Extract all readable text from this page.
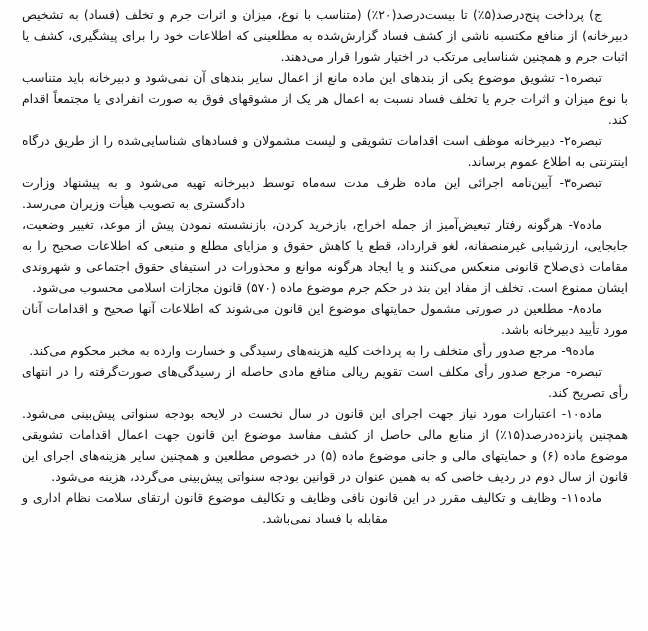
ج) پرداخت پنج‌درصد(۵٪) تا بیست‌درصد(۲۰٪) (متناسب با نوع، میزان و اثرات جرم و تخلف (فساد) به تشخیص دبیرخانه) از منافع مکتسبه ناشی از کشف فساد گزارش‌شده به مطلعینی که اطلاعات خود را برای پیشگیری، کشف یا اثبات جرم و همچنین شناسایی مرتکب در اختیار شورا قرار می‌دهند.

تبصره۱- تشویق موضوع یکی از بندهای این ماده مانع از اعمال سایر بندهای آن نمی‌شود و دبیرخانه باید متناسب با نوع میزان و اثرات جرم یا تخلف فساد نسبت به اعمال هر یک از مشوقهای فوق به صورت انفرادی یا مجتمعاً اقدام کند.

تبصره۲- دبیرخانه موظف است اقدامات تشویقی و لیست مشمولان و فسادهای شناسایی‌شده را از طریق درگاه اینترنتی به اطلاع عموم برساند.

تبصره۳- آیین‌نامه اجرائی این ماده ظرف مدت سه‌ماه توسط دبیرخانه تهیه می‌شود و به پیشنهاد وزارت دادگستری به تصویب هیأت وزیران می‌رسد.

ماده۷- هرگونه رفتار تبعیض‌آمیز از جمله اخراج، بازخرید کردن، بازنشسته نمودن پیش از موعد، تغییر وضعیت، جابجایی، ارزشیابی غیرمنصفانه، لغو قرارداد، قطع یا کاهش حقوق و مزایای مطلع و منبعی که اطلاعات صحیح را به مقامات ذی‌صلاح قانونی منعکس می‌کنند و یا ایجاد هرگونه موانع و محذورات در استیفای حقوق اجتماعی و شهروندی ایشان ممنوع است. تخلف از مفاد این بند در حکم جرم موضوع ماده (۵۷۰) قانون مجازات اسلامی محسوب می‌شود.

ماده۸- مطلعین در صورتی مشمول حمایتهای موضوع این قانون می‌شوند که اطلاعات آنها صحیح و اقدامات آنان مورد تأیید دبیرخانه باشد.

ماده۹- مرجع صدور رأی متخلف را به پرداخت کلیه هزینه‌های رسیدگی و خسارت وارده به مخبر محکوم می‌کند.

تبصره- مرجع صدور رأی مکلف است تقویم ریالی منافع مادی حاصله از رسیدگی‌های صورت‌گرفته را در انتهای رأی تصریح کند.

ماده۱۰- اعتبارات مورد نیاز جهت اجرای این قانون در سال نخست در لایحه بودجه سنواتی پیش‌بینی می‌شود. همچنین پانزده‌درصد(۱۵٪) از منابع مالی حاصل از کشف مفاسد موضوع این قانون جهت اعمال اقدامات تشویقی موضوع ماده (۶) و حمایتهای مالی و جانی موضوع ماده (۵) در خصوص مطلعین و همچنین سایر هزینه‌های اجرای این قانون از سال دوم در ردیف خاصی که به همین عنوان در قوانین بودجه سنواتی پیش‌بینی می‌گردد، هزینه می‌شود.

ماده۱۱- وظایف و تکالیف مقرر در این قانون نافی وظایف و تکالیف موضوع قانون ارتقای سلامت نظام اداری و مقابله با فساد نمی‌باشد.
